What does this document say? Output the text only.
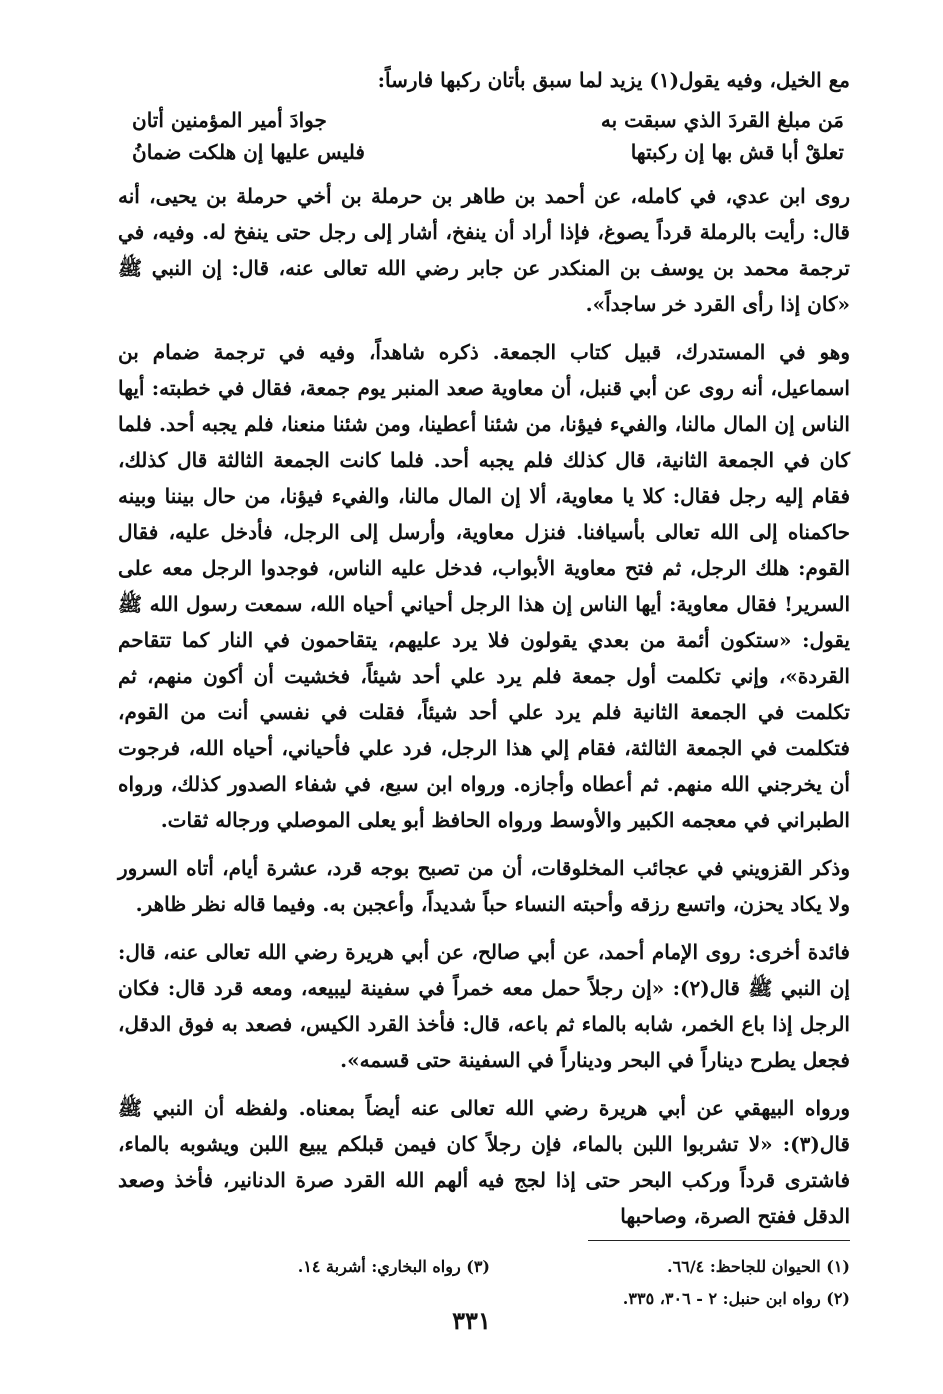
مع الخيل، وفيه يقول(١) يزيد لما سبق بأتان ركبها فارساً:

مَن مبلغ القردَ الذي سبقت به
جوادَ أمير المؤمنين أتان
تعلقْ أبا قش بها إن ركبتها
فليس عليها إن هلكت ضمانُ

روى ابن عدي، في كامله، عن أحمد بن طاهر بن حرملة بن أخي حرملة بن يحيى، أنه قال: رأيت بالرملة قرداً يصوغ، فإذا أراد أن ينفخ، أشار إلى رجل حتى ينفخ له. وفيه، في ترجمة محمد بن يوسف بن المنكدر عن جابر رضي الله تعالى عنه، قال: إن النبي ﷺ «كان إذا رأى القرد خر ساجداً».

وهو في المستدرك، قبيل كتاب الجمعة. ذكره شاهداً، وفيه في ترجمة ضمام بن اسماعيل، أنه روى عن أبي قنبل، أن معاوية صعد المنبر يوم جمعة، فقال في خطبته: أيها الناس إن المال مالنا، والفيء فيؤنا، من شئنا أعطينا، ومن شئنا منعنا، فلم يجبه أحد. فلما كان في الجمعة الثانية، قال كذلك فلم يجبه أحد. فلما كانت الجمعة الثالثة قال كذلك، فقام إليه رجل فقال: كلا يا معاوية، ألا إن المال مالنا، والفيء فيؤنا، من حال بيننا وبينه حاكمناه إلى الله تعالى بأسيافنا. فنزل معاوية، وأرسل إلى الرجل، فأدخل عليه، فقال القوم: هلك الرجل، ثم فتح معاوية الأبواب، فدخل عليه الناس، فوجدوا الرجل معه على السرير! فقال معاوية: أيها الناس إن هذا الرجل أحياني أحياه الله، سمعت رسول الله ﷺ يقول: «ستكون أئمة من بعدي يقولون فلا يرد عليهم، يتقاحمون في النار كما تتقاحم القردة»، وإني تكلمت أول جمعة فلم يرد علي أحد شيئاً، فخشيت أن أكون منهم، ثم تكلمت في الجمعة الثانية فلم يرد علي أحد شيئاً، فقلت في نفسي أنت من القوم، فتكلمت في الجمعة الثالثة، فقام إلي هذا الرجل، فرد علي فأحياني، أحياه الله، فرجوت أن يخرجني الله منهم. ثم أعطاه وأجازه. ورواه ابن سبع، في شفاء الصدور كذلك، ورواه الطبراني في معجمه الكبير والأوسط ورواه الحافظ أبو يعلى الموصلي ورجاله ثقات.

وذكر القزويني في عجائب المخلوقات، أن من تصبح بوجه قرد، عشرة أيام، أتاه السرور ولا يكاد يحزن، واتسع رزقه وأحبته النساء حباً شديداً، وأعجبن به. وفيما قاله نظر ظاهر.

فائدة أخرى: روى الإمام أحمد، عن أبي صالح، عن أبي هريرة رضي الله تعالى عنه، قال: إن النبي ﷺ قال(٢): «إن رجلاً حمل معه خمراً في سفينة ليبيعه، ومعه قرد قال: فكان الرجل إذا باع الخمر، شابه بالماء ثم باعه، قال: فأخذ القرد الكيس، فصعد به فوق الدقل، فجعل يطرح ديناراً في البحر وديناراً في السفينة حتى قسمه».

ورواه البيهقي عن أبي هريرة رضي الله تعالى عنه أيضاً بمعناه. ولفظه أن النبي ﷺ قال(٣): «لا تشربوا اللبن بالماء، فإن رجلاً كان فيمن قبلكم يبيع اللبن ويشوبه بالماء، فاشترى قرداً وركب البحر حتى إذا لجج فيه ألهم الله القرد صرة الدنانير، فأخذ وصعد الدقل ففتح الصرة، وصاحبها

(١) الحيوان للجاحظ: ٦٦/٤.
(٣) رواه البخاري: أشربة ١٤.
(٢) رواه ابن حنبل: ٢ - ٣٠٦، ٣٣٥.
٣٣١
